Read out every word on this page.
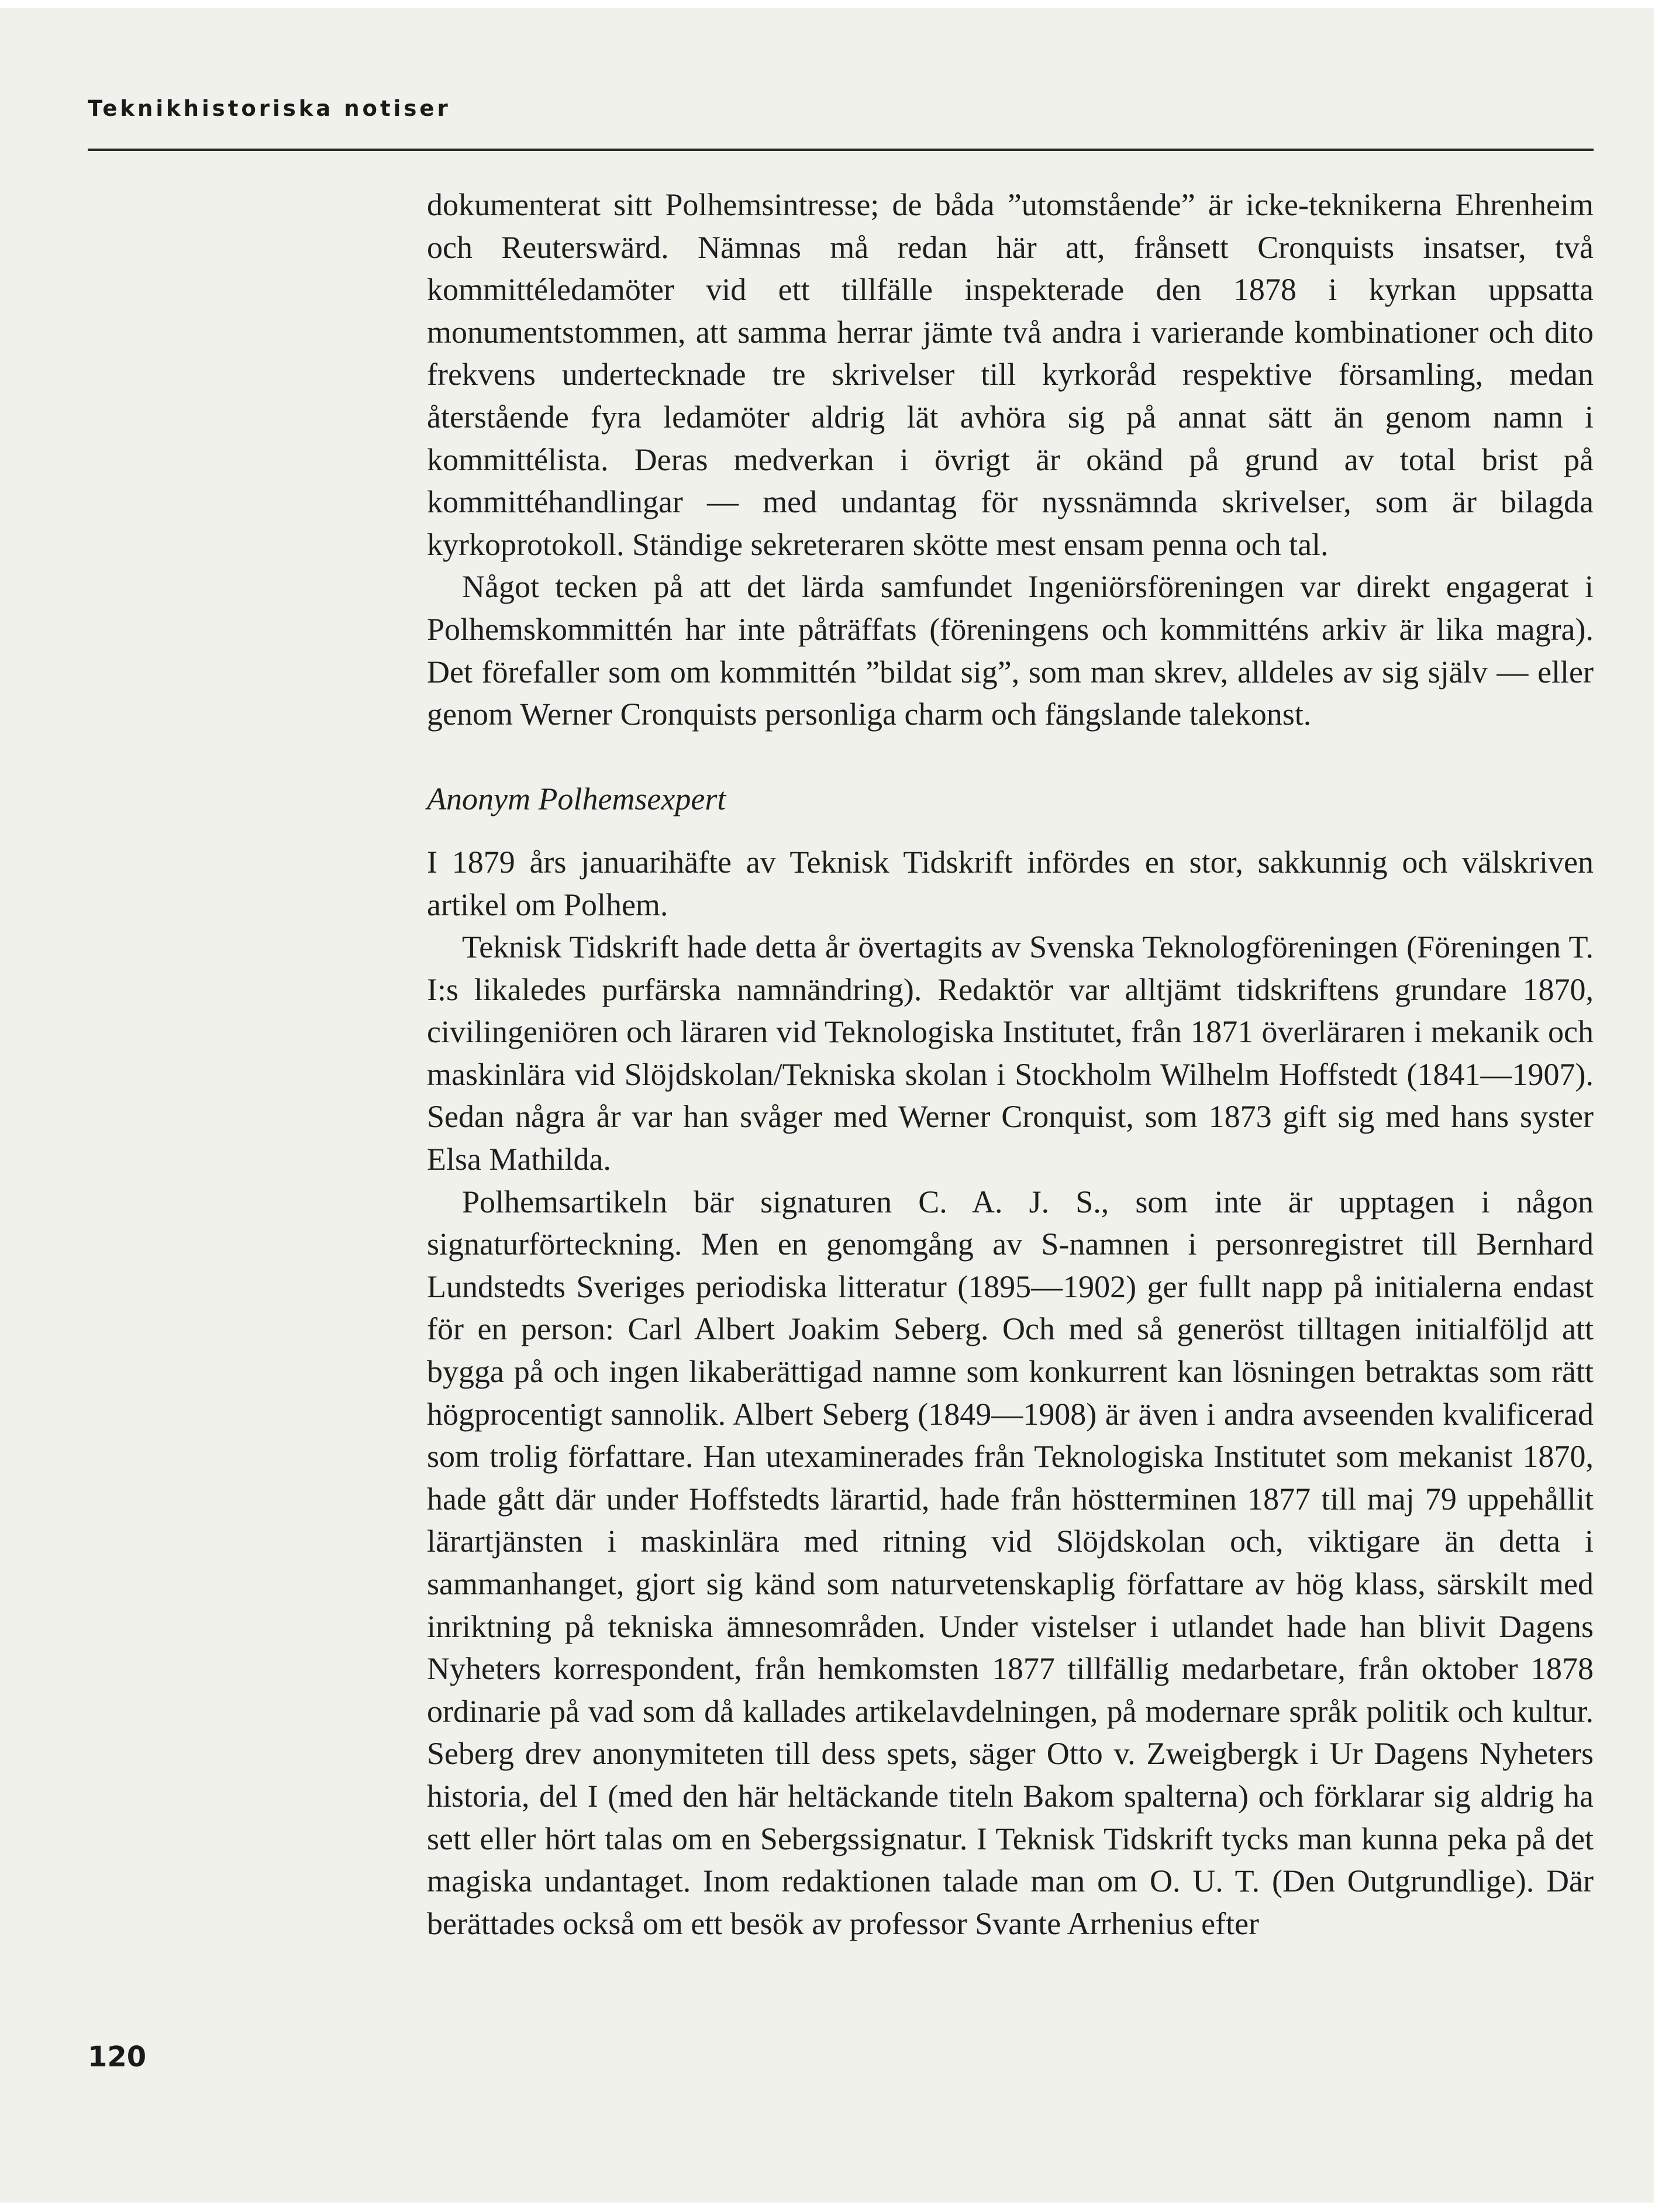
Teknikhistoriska notiser

dokumenterat sitt Polhemsintresse; de båda ”utomstående” är icke-teknikerna Ehrenheim och Reuterswärd. Nämnas må redan här att, frånsett Cronquists insatser, två kommittéledamöter vid ett tillfälle inspekterade den 1878 i kyrkan uppsatta monumentstommen, att samma herrar jämte två andra i varierande kombinationer och dito frekvens undertecknade tre skrivelser till kyrkoråd respektive församling, medan återstående fyra ledamöter aldrig lät avhöra sig på annat sätt än genom namn i kommittélista. Deras medverkan i övrigt är okänd på grund av total brist på kommittéhandlingar — med undantag för nyssnämnda skrivelser, som är bilagda kyrkoprotokoll. Ständige sekreteraren skötte mest ensam penna och tal.

Något tecken på att det lärda samfundet Ingeniörsföreningen var direkt engagerat i Polhemskommittén har inte påträffats (föreningens och kommitténs arkiv är lika magra). Det förefaller som om kommittén ”bildat sig”, som man skrev, alldeles av sig själv — eller genom Werner Cronquists personliga charm och fängslande talekonst.

Anonym Polhemsexpert

I 1879 års januarihäfte av Teknisk Tidskrift infördes en stor, sakkunnig och välskriven artikel om Polhem.

Teknisk Tidskrift hade detta år övertagits av Svenska Teknologföreningen (Föreningen T. I:s likaledes purfärska namnändring). Redaktör var alltjämt tidskriftens grundare 1870, civilingeniören och läraren vid Teknologiska Institutet, från 1871 överläraren i mekanik och maskinlära vid Slöjdskolan/Tekniska skolan i Stockholm Wilhelm Hoffstedt (1841—1907). Sedan några år var han svåger med Werner Cronquist, som 1873 gift sig med hans syster Elsa Mathilda.

Polhemsartikeln bär signaturen C. A. J. S., som inte är upptagen i någon signaturförteckning. Men en genomgång av S-namnen i personregistret till Bernhard Lundstedts Sveriges periodiska litteratur (1895—1902) ger fullt napp på initialerna endast för en person: Carl Albert Joakim Seberg. Och med så generöst tilltagen initialföljd att bygga på och ingen likaberättigad namne som konkurrent kan lösningen betraktas som rätt högprocentigt sannolik. Albert Seberg (1849—1908) är även i andra avseenden kvalificerad som trolig författare. Han utexaminerades från Teknologiska Institutet som mekanist 1870, hade gått där under Hoffstedts lärartid, hade från höstterminen 1877 till maj 79 uppehållit lärartjänsten i maskinlära med ritning vid Slöjdskolan och, viktigare än detta i sammanhanget, gjort sig känd som naturvetenskaplig författare av hög klass, särskilt med inriktning på tekniska ämnesområden. Under vistelser i utlandet hade han blivit Dagens Nyheters korrespondent, från hemkomsten 1877 tillfällig medarbetare, från oktober 1878 ordinarie på vad som då kallades artikelavdelningen, på modernare språk politik och kultur. Seberg drev anonymiteten till dess spets, säger Otto v. Zweigbergk i Ur Dagens Nyheters historia, del I (med den här heltäckande titeln Bakom spalterna) och förklarar sig aldrig ha sett eller hört talas om en Sebergssignatur. I Teknisk Tidskrift tycks man kunna peka på det magiska undantaget. Inom redaktionen talade man om O. U. T. (Den Outgrundlige). Där berättades också om ett besök av professor Svante Arrhenius efter

120
